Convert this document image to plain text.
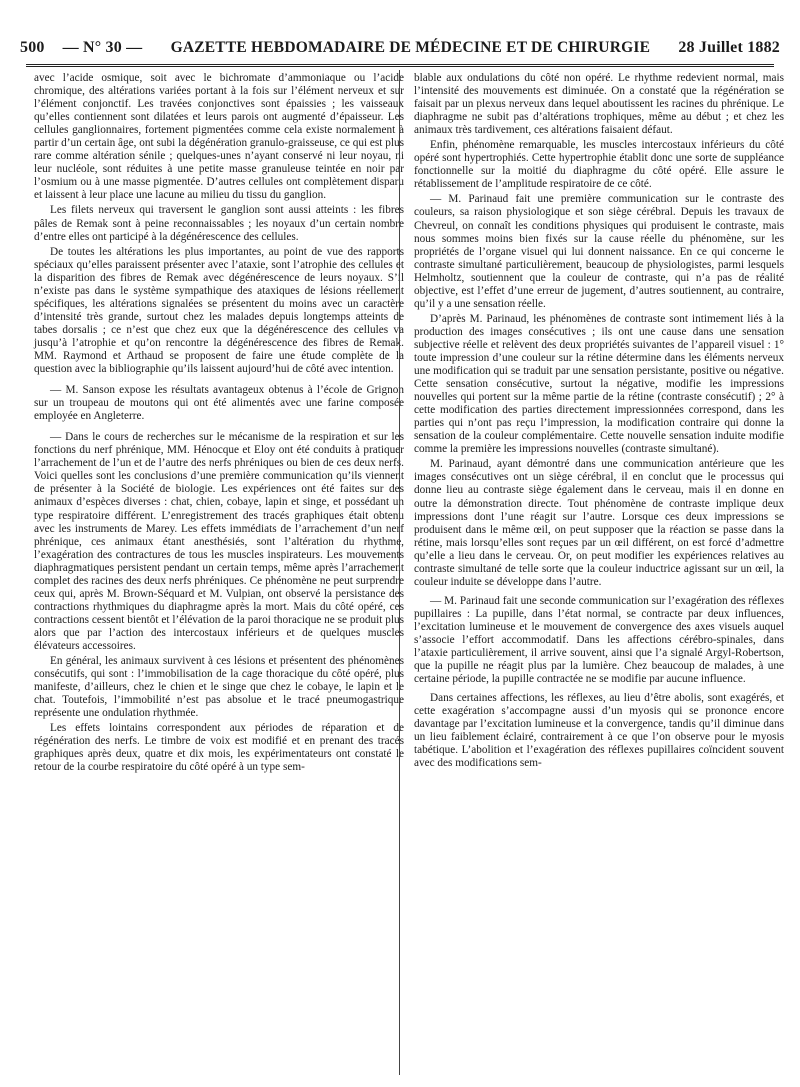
500 — N° 30 —	GAZETTE HEBDOMADAIRE DE MÉDECINE ET DE CHIRURGIE	28 Juillet 1882

avec l’acide osmique, soit avec le bichromate d’ammoniaque ou l’acide chromique, des altérations variées portant à la fois sur l’élément nerveux et sur l’élément conjonctif. Les travées conjonctives sont épaissies ; les vaisseaux qu’elles contiennent sont dilatées et leurs parois ont augmenté d’épaisseur. Les cellules ganglionnaires, fortement pigmentées comme cela existe normalement à partir d’un certain âge, ont subi la dégénération granulo-graisseuse, ce qui est plus rare comme altération sénile ; quelques-unes n’ayant conservé ni leur noyau, ni leur nucléole, sont réduites à une petite masse granuleuse teintée en noir par l’osmium ou à une masse pigmentée. D’autres cellules ont complètement disparu et laissent à leur place une lacune au milieu du tissu du ganglion.

Les filets nerveux qui traversent le ganglion sont aussi atteints : les fibres pâles de Remak sont à peine reconnaissables ; les noyaux d’un certain nombre d’entre elles ont participé à la dégénérescence des cellules.

De toutes les altérations les plus importantes, au point de vue des rapports spéciaux qu’elles paraissent présenter avec l’ataxie, sont l’atrophie des cellules et la disparition des fibres de Remak avec dégénérescence de leurs noyaux. S’il n’existe pas dans le système sympathique des ataxiques de lésions réellement spécifiques, les altérations signalées se présentent du moins avec un caractère d’intensité très grande, surtout chez les malades depuis longtemps atteints de tabes dorsalis ; ce n’est que chez eux que la dégénérescence des cellules va jusqu’à l’atrophie et qu’on rencontre la dégénérescence des fibres de Remak. MM. Raymond et Arthaud se proposent de faire une étude complète de la question avec la bibliographie qu’ils laissent aujourd’hui de côté avec intention.

— M. Sanson expose les résultats avantageux obtenus à l’école de Grignon sur un troupeau de moutons qui ont été alimentés avec une farine composée employée en Angleterre.

— Dans le cours de recherches sur le mécanisme de la respiration et sur les fonctions du nerf phrénique, MM. Hénocque et Eloy ont été conduits à pratiquer l’arrachement de l’un et de l’autre des nerfs phréniques ou bien de ces deux nerfs. Voici quelles sont les conclusions d’une première communication qu’ils viennent de présenter à la Société de biologie. Les expériences ont été faites sur des animaux d’espèces diverses : chat, chien, cobaye, lapin et singe, et possédant un type respiratoire différent. L’enregistrement des tracés graphiques était obtenu avec les instruments de Marey. Les effets immédiats de l’arrachement d’un nerf phrénique, ces animaux étant anesthésiés, sont l’altération du rhythme, l’exagération des contractures de tous les muscles inspirateurs. Les mouvements diaphragmatiques persistent pendant un certain temps, même après l’arrachement complet des racines des deux nerfs phréniques. Ce phénomène ne peut surprendre ceux qui, après M. Brown-Séquard et M. Vulpian, ont observé la persistance des contractions rhythmiques du diaphragme après la mort. Mais du côté opéré, ces contractions cessent bientôt et l’élévation de la paroi thoracique ne se produit plus alors que par l’action des intercostaux inférieurs et de quelques muscles élévateurs accessoires.

En général, les animaux survivent à ces lésions et présentent des phénomènes consécutifs, qui sont : l’immobilisation de la cage thoracique du côté opéré, plus manifeste, d’ailleurs, chez le chien et le singe que chez le cobaye, le lapin et le chat. Toutefois, l’immobilité n’est pas absolue et le tracé pneumogastrique représente une ondulation rhythmée.

Les effets lointains correspondent aux périodes de réparation et de régénération des nerfs. Le timbre de voix est modifié et en prenant des tracés graphiques après deux, quatre et dix mois, les expérimentateurs ont constaté le retour de la courbe respiratoire du côté opéré à un type sem-

blable aux ondulations du côté non opéré. Le rhythme redevient normal, mais l’intensité des mouvements est diminuée. On a constaté que la régénération se faisait par un plexus nerveux dans lequel aboutissent les racines du phrénique. Le diaphragme ne subit pas d’altérations trophiques, même au début ; et chez les animaux très tardivement, ces altérations faisaient défaut.

Enfin, phénomène remarquable, les muscles intercostaux inférieurs du côté opéré sont hypertrophiés. Cette hypertrophie établit donc une sorte de suppléance fonctionnelle sur la moitié du diaphragme du côté opéré. Elle assure le rétablissement de l’amplitude respiratoire de ce côté.

— M. Parinaud fait une première communication sur le contraste des couleurs, sa raison physiologique et son siège cérébral. Depuis les travaux de Chevreul, on connaît les conditions physiques qui produisent le contraste, mais nous sommes moins bien fixés sur la cause réelle du phénomène, sur les propriétés de l’organe visuel qui lui donnent naissance. En ce qui concerne le contraste simultané particulièrement, beaucoup de physiologistes, parmi lesquels Helmholtz, soutiennent que la couleur de contraste, qui n’a pas de réalité objective, est l’effet d’une erreur de jugement, d’autres soutiennent, au contraire, qu’il y a une sensation réelle.

D’après M. Parinaud, les phénomènes de contraste sont intimement liés à la production des images consécutives ; ils ont une cause dans une sensation subjective réelle et relèvent des deux propriétés suivantes de l’appareil visuel : 1° toute impression d’une couleur sur la rétine détermine dans les éléments nerveux une modification qui se traduit par une sensation persistante, positive ou négative. Cette sensation consécutive, surtout la négative, modifie les impressions nouvelles qui portent sur la même partie de la rétine (contraste consécutif) ; 2° à cette modification des parties directement impressionnées correspond, dans les parties qui n’ont pas reçu l’impression, la modification contraire qui donne la sensation de la couleur complémentaire. Cette nouvelle sensation induite modifie comme la première les impressions nouvelles (contraste simultané).

M. Parinaud, ayant démontré dans une communication antérieure que les images consécutives ont un siège cérébral, il en conclut que le processus qui donne lieu au contraste siège également dans le cerveau, mais il en donne en outre la démonstration directe. Tout phénomène de contraste implique deux impressions dont l’une réagit sur l’autre. Lorsque ces deux impressions se produisent dans le même œil, on peut supposer que la réaction se passe dans la rétine, mais lorsqu’elles sont reçues par un œil différent, on est forcé d’admettre qu’elle a lieu dans le cerveau. Or, on peut modifier les expériences relatives au contraste simultané de telle sorte que la couleur inductrice agissant sur un œil, la couleur induite se développe dans l’autre.

— M. Parinaud fait une seconde communication sur l’exagération des réflexes pupillaires : La pupille, dans l’état normal, se contracte par deux influences, l’excitation lumineuse et le mouvement de convergence des axes visuels auquel s’associe l’effort accommodatif. Dans les affections cérébro-spinales, dans l’ataxie particulièrement, il arrive souvent, ainsi que l’a signalé Argyl-Robertson, que la pupille ne réagit plus par la lumière. Chez beaucoup de malades, à une certaine période, la pupille contractée ne se modifie par aucune influence.

Dans certaines affections, les réflexes, au lieu d’être abolis, sont exagérés, et cette exagération s’accompagne aussi d’un myosis qui se prononce encore davantage par l’excitation lumineuse et la convergence, tandis qu’il diminue dans un lieu faiblement éclairé, contrairement à ce que l’on observe pour le myosis tabétique. L’abolition et l’exagération des réflexes pupillaires coïncident souvent avec des modifications sem-
